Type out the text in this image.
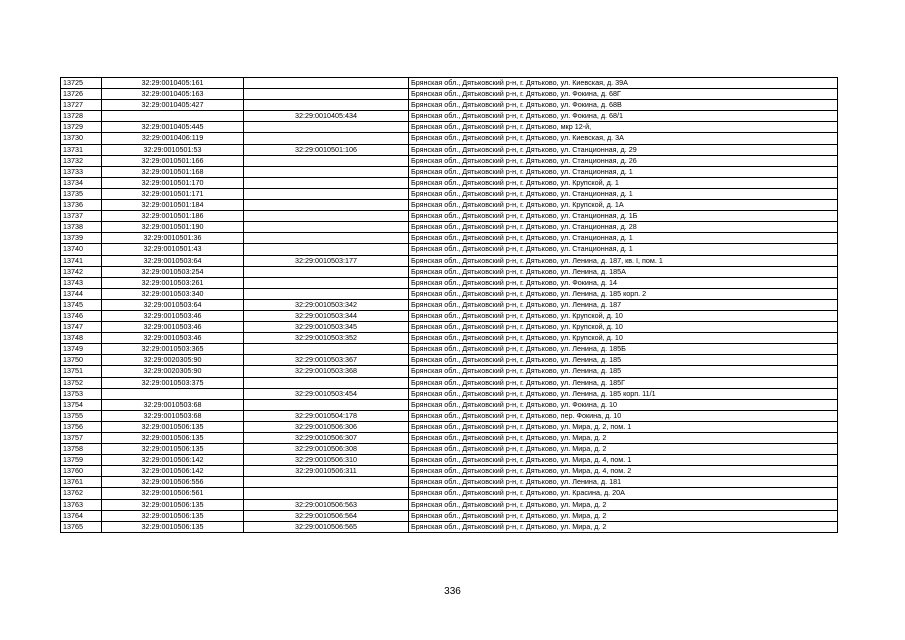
13725	32:29:0010405:161		Брянская обл., Дятьковский р-н, г. Дятьково, ул. Киевская, д. 39А
13726	32:29:0010405:163		Брянская обл., Дятьковский р-н, г. Дятьково, ул. Фокина, д. 68Г
13727	32:29:0010405:427		Брянская обл., Дятьковский р-н, г. Дятьково, ул. Фокина, д. 68В
13728		32:29:0010405:434	Брянская обл., Дятьковский р-н, г. Дятьково, ул. Фокина, д. 68/1
13729	32:29:0010405:445		Брянская обл., Дятьковский р-н, г. Дятьково, мкр 12-й,
13730	32:29:0010406:119		Брянская обл., Дятьковский р-н, г. Дятьково, ул. Киевская, д. 3А
13731	32:29:0010501:53	32:29:0010501:106	Брянская обл., Дятьковский р-н, г. Дятьково, ул. Станционная, д. 29
13732	32:29:0010501:166		Брянская обл., Дятьковский р-н, г. Дятьково, ул. Станционная, д. 26
13733	32:29:0010501:168		Брянская обл., Дятьковский р-н, г. Дятьково, ул. Станционная, д. 1
13734	32:29:0010501:170		Брянская обл., Дятьковский р-н, г. Дятьково, ул. Крупской, д. 1
13735	32:29:0010501:171		Брянская обл., Дятьковский р-н, г. Дятьково, ул. Станционная, д. 1
13736	32:29:0010501:184		Брянская обл., Дятьковский р-н, г. Дятьково, ул. Крупской, д. 1А
13737	32:29:0010501:186		Брянская обл., Дятьковский р-н, г. Дятьково, ул. Станционная, д. 1Б
13738	32:29:0010501:190		Брянская обл., Дятьковский р-н, г. Дятьково, ул. Станционная, д. 28
13739	32:29:0010501:36		Брянская обл., Дятьковский р-н, г. Дятьково, ул. Станционная, д. 1
13740	32:29:0010501:43		Брянская обл., Дятьковский р-н, г. Дятьково, ул. Станционная, д. 1
13741	32:29:0010503:64	32:29:0010503:177	Брянская обл., Дятьковский р-н, г. Дятьково, ул. Ленина, д. 187, кв. I, пом. 1
13742	32:29:0010503:254		Брянская обл., Дятьковский р-н, г. Дятьково, ул. Ленина, д. 185А
13743	32:29:0010503:261		Брянская обл., Дятьковский р-н, г. Дятьково, ул. Фокина, д. 14
13744	32:29:0010503:340		Брянская обл., Дятьковский р-н, г. Дятьково, ул. Ленина, д. 185 корп. 2
13745	32:29:0010503:64	32:29:0010503:342	Брянская обл., Дятьковский р-н, г. Дятьково, ул. Ленина, д. 187
13746	32:29:0010503:46	32:29:0010503:344	Брянская обл., Дятьковский р-н, г. Дятьково, ул. Крупской, д. 10
13747	32:29:0010503:46	32:29:0010503:345	Брянская обл., Дятьковский р-н, г. Дятьково, ул. Крупской, д. 10
13748	32:29:0010503:46	32:29:0010503:352	Брянская обл., Дятьковский р-н, г. Дятьково, ул. Крупской, д. 10
13749	32:29:0010503:365		Брянская обл., Дятьковский р-н, г. Дятьково, ул. Ленина, д. 185Б
13750	32:29:0020305:90	32:29:0010503:367	Брянская обл., Дятьковский р-н, г. Дятьково, ул. Ленина, д. 185
13751	32:29:0020305:90	32:29:0010503:368	Брянская обл., Дятьковский р-н, г. Дятьково, ул. Ленина, д. 185
13752	32:29:0010503:375		Брянская обл., Дятьковский р-н, г. Дятьково, ул. Ленина, д. 185Г
13753		32:29:0010503:454	Брянская обл., Дятьковский р-н, г. Дятьково, ул. Ленина, д. 185 корп. 11/1
13754	32:29:0010503:68		Брянская обл., Дятьковский р-н, г. Дятьково, ул. Фокина, д. 10
13755	32:29:0010503:68	32:29:0010504:178	Брянская обл., Дятьковский р-н, г. Дятьково, пер. Фокина, д. 10
13756	32:29:0010506:135	32:29:0010506:306	Брянская обл., Дятьковский р-н, г. Дятьково, ул. Мира, д. 2, пом. 1
13757	32:29:0010506:135	32:29:0010506:307	Брянская обл., Дятьковский р-н, г. Дятьково, ул. Мира, д. 2
13758	32:29:0010506:135	32:29:0010506:308	Брянская обл., Дятьковский р-н, г. Дятьково, ул. Мира, д. 2
13759	32:29:0010506:142	32:29:0010506:310	Брянская обл., Дятьковский р-н, г. Дятьково, ул. Мира, д. 4, пом. 1
13760	32:29:0010506:142	32:29:0010506:311	Брянская обл., Дятьковский р-н, г. Дятьково, ул. Мира, д. 4, пом. 2
13761	32:29:0010506:556		Брянская обл., Дятьковский р-н, г. Дятьково, ул. Ленина, д. 181
13762	32:29:0010506:561		Брянская обл., Дятьковский р-н, г. Дятьково, ул. Красина, д. 20А
13763	32:29:0010506:135	32:29:0010506:563	Брянская обл., Дятьковский р-н, г. Дятьково, ул. Мира, д. 2
13764	32:29:0010506:135	32:29:0010506:564	Брянская обл., Дятьковский р-н, г. Дятьково, ул. Мира, д. 2
13765	32:29:0010506:135	32:29:0010506:565	Брянская обл., Дятьковский р-н, г. Дятьково, ул. Мира, д. 2
336
